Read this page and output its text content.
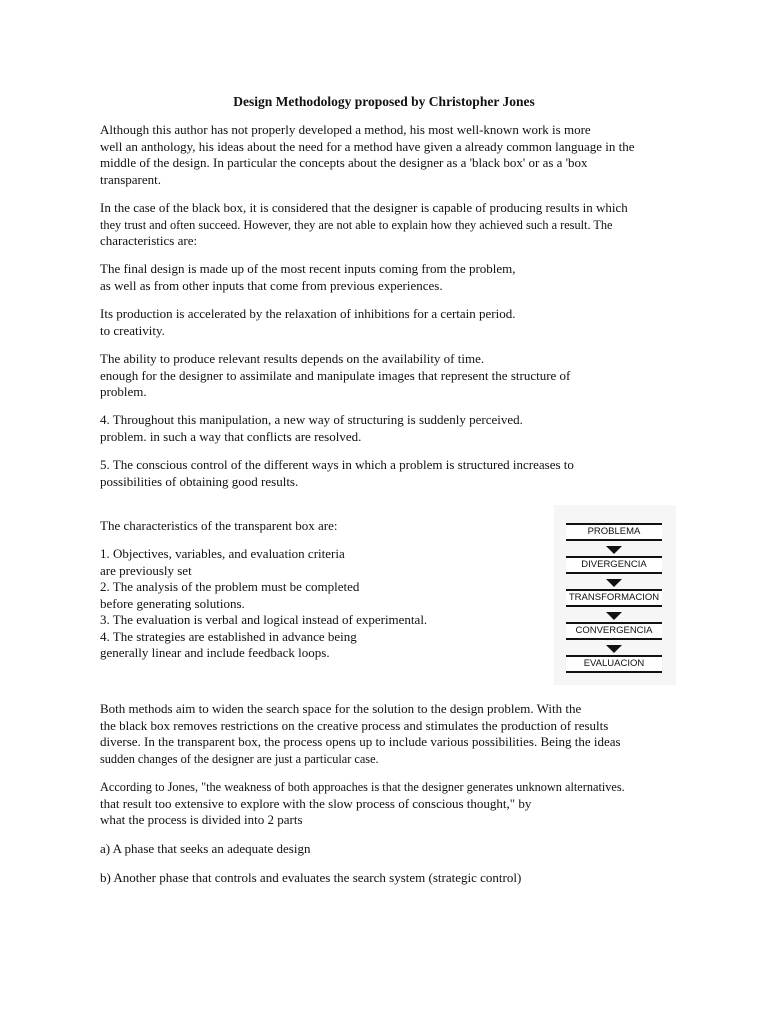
Design Methodology proposed by Christopher Jones
Although this author has not properly developed a method, his most well-known work is more
well an anthology, his ideas about the need for a method have given a already common language in the
middle of the design. In particular the concepts about the designer as a 'black box' or as a 'box
transparent.
In the case of the black box, it is considered that the designer is capable of producing results in which
they trust and often succeed. However, they are not able to explain how they achieved such a result. The
characteristics are:
The final design is made up of the most recent inputs coming from the problem,
as well as from other inputs that come from previous experiences.
Its production is accelerated by the relaxation of inhibitions for a certain period.
to creativity.
The ability to produce relevant results depends on the availability of time.
enough for the designer to assimilate and manipulate images that represent the structure of
problem.
4. Throughout this manipulation, a new way of structuring is suddenly perceived.
problem. in such a way that conflicts are resolved.
5. The conscious control of the different ways in which a problem is structured increases to
possibilities of obtaining good results.
The characteristics of the transparent box are:
1. Objectives, variables, and evaluation criteria
are previously set
2. The analysis of the problem must be completed
before generating solutions.
3. The evaluation is verbal and logical instead of experimental.
4. The strategies are established in advance being
generally linear and include feedback loops.
PROBLEMA
DIVERGENCIA
TRANSFORMACION
CONVERGENCIA
EVALUACION
Both methods aim to widen the search space for the solution to the design problem. With the
the black box removes restrictions on the creative process and stimulates the production of results
diverse. In the transparent box, the process opens up to include various possibilities. Being the ideas
sudden changes of the designer are just a particular case.
According to Jones, "the weakness of both approaches is that the designer generates unknown alternatives.
that result too extensive to explore with the slow process of conscious thought," by
what the process is divided into 2 parts
a) A phase that seeks an adequate design
b) Another phase that controls and evaluates the search system (strategic control)
